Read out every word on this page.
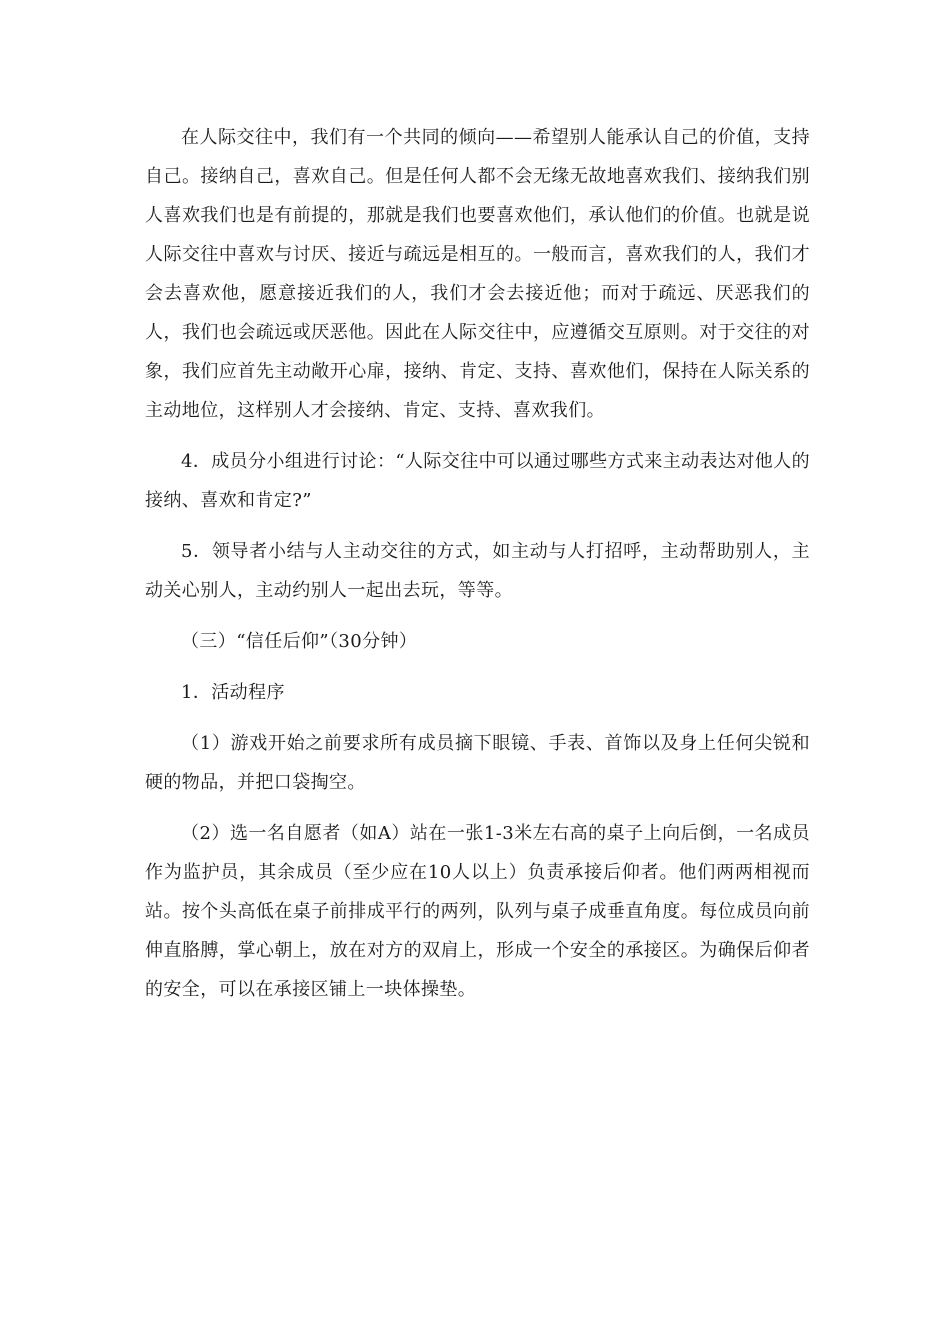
在人际交往中，我们有一个共同的倾向——希望别人能承认自己的价值，支持自己。接纳自己，喜欢自己。但是任何人都不会无缘无故地喜欢我们、接纳我们别人喜欢我们也是有前提的，那就是我们也要喜欢他们，承认他们的价值。也就是说人际交往中喜欢与讨厌、接近与疏远是相互的。一般而言，喜欢我们的人，我们才会去喜欢他，愿意接近我们的人，我们才会去接近他；而对于疏远、厌恶我们的人，我们也会疏远或厌恶他。因此在人际交往中，应遵循交互原则。对于交往的对象，我们应首先主动敞开心扉，接纳、肯定、支持、喜欢他们，保持在人际关系的主动地位，这样别人才会接纳、肯定、支持、喜欢我们。

4．成员分小组进行讨论：“人际交往中可以通过哪些方式来主动表达对他人的接纳、喜欢和肯定?”

5．领导者小结与人主动交往的方式，如主动与人打招呼，主动帮助别人，主动关心别人，主动约别人一起出去玩，等等。

（三）“信任后仰”（30分钟）

1．活动程序

（1）游戏开始之前要求所有成员摘下眼镜、手表、首饰以及身上任何尖锐和硬的物品，并把口袋掏空。

（2）选一名自愿者（如A）站在一张1-3米左右高的桌子上向后倒，一名成员作为监护员，其余成员（至少应在10人以上）负责承接后仰者。他们两两相视而站。按个头高低在桌子前排成平行的两列，队列与桌子成垂直角度。每位成员向前伸直胳膊，掌心朝上，放在对方的双肩上，形成一个安全的承接区。为确保后仰者的安全，可以在承接区铺上一块体操垫。
